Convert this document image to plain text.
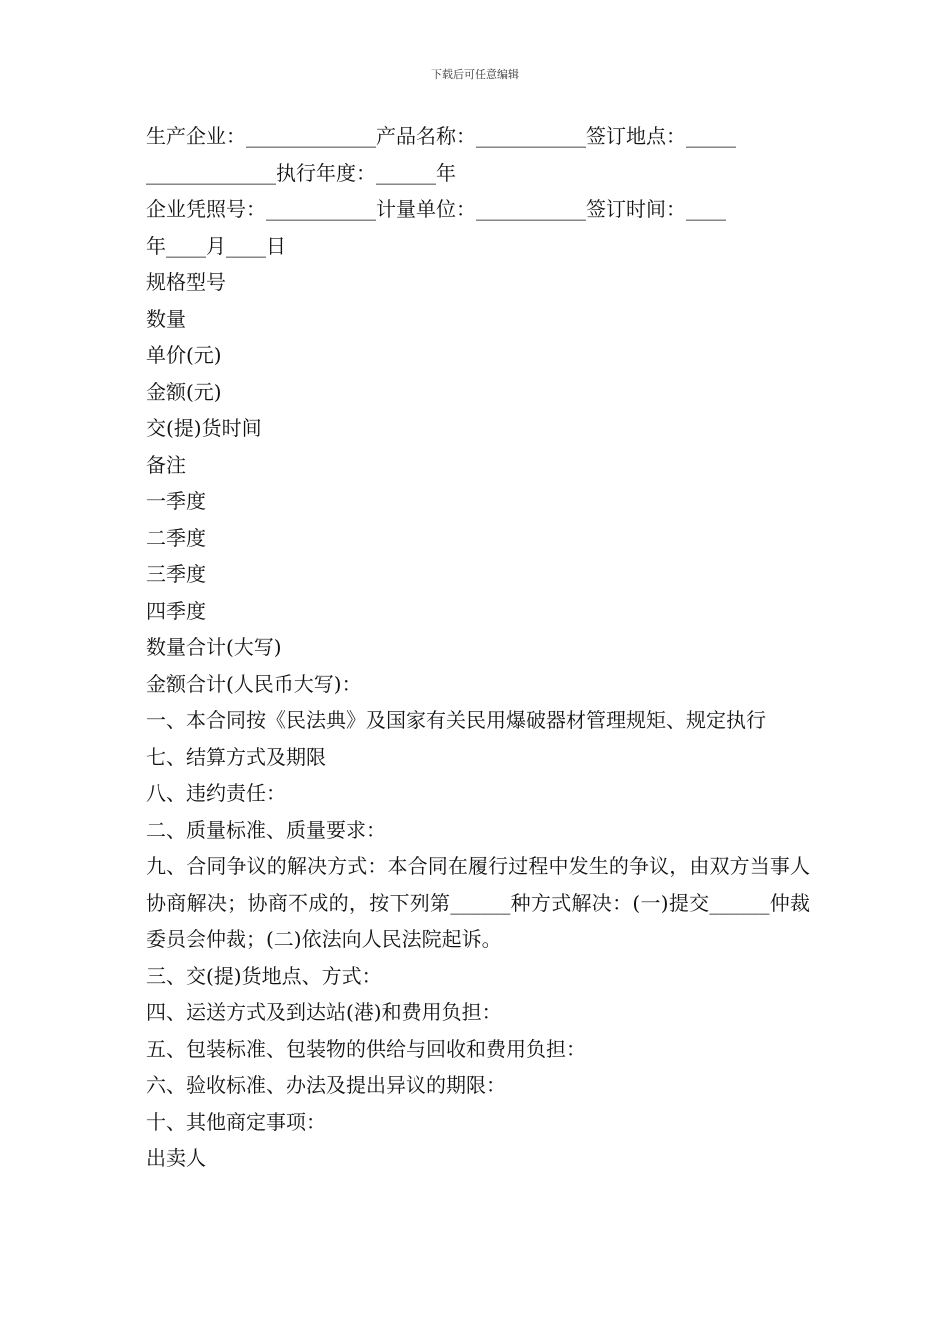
下载后可任意编辑
生产企业：_____________产品名称：___________签订地点：_____
_____________执行年度：______年
企业凭照号：___________计量单位：___________签订时间：____
年____月____日
规格型号
数量
单价(元)
金额(元)
交(提)货时间
备注
一季度
二季度
三季度
四季度
数量合计(大写)
金额合计(人民币大写)：
一、本合同按《民法典》及国家有关民用爆破器材管理规矩、规定执行
七、结算方式及期限
八、违约责任：
二、质量标准、质量要求：
九、合同争议的解决方式：本合同在履行过程中发生的争议，由双方当事人协商解决；协商不成的，按下列第______种方式解决：(一)提交______仲裁委员会仲裁；(二)依法向人民法院起诉。
三、交(提)货地点、方式：
四、运送方式及到达站(港)和费用负担：
五、包装标准、包装物的供给与回收和费用负担：
六、验收标准、办法及提出异议的期限：
十、其他商定事项：
出卖人
